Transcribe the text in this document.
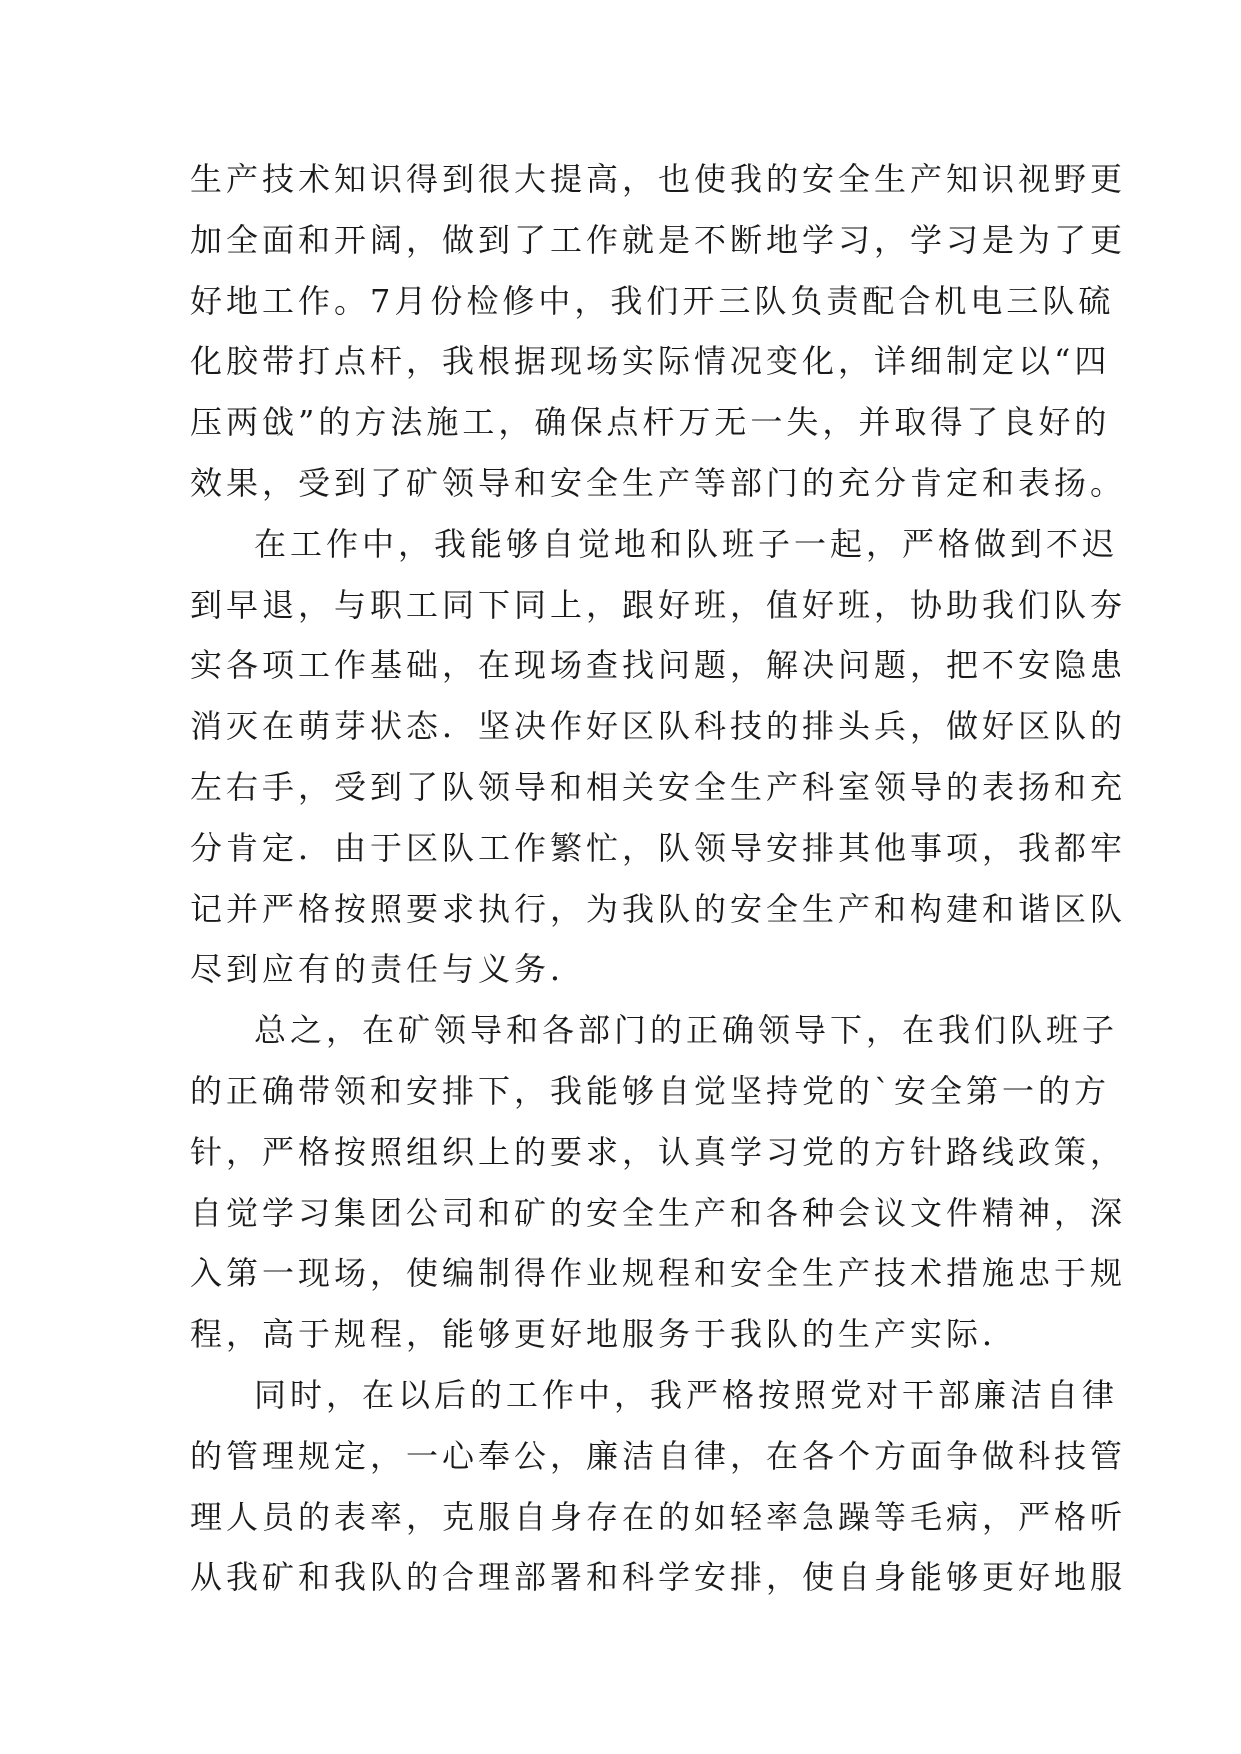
生产技术知识得到很大提高，也使我的安全生产知识视野更
加全面和开阔，做到了工作就是不断地学习，学习是为了更
好地工作。7月份检修中，我们开三队负责配合机电三队硫
化胶带打点杆，我根据现场实际情况变化，详细制定以“四
压两戗”的方法施工，确保点杆万无一失，并取得了良好的
效果，受到了矿领导和安全生产等部门的充分肯定和表扬。
在工作中，我能够自觉地和队班子一起，严格做到不迟
到早退，与职工同下同上，跟好班，值好班，协助我们队夯
实各项工作基础，在现场查找问题，解决问题，把不安隐患
消灭在萌芽状态．坚决作好区队科技的排头兵，做好区队的
左右手，受到了队领导和相关安全生产科室领导的表扬和充
分肯定．由于区队工作繁忙，队领导安排其他事项，我都牢
记并严格按照要求执行，为我队的安全生产和构建和谐区队
尽到应有的责任与义务．
总之，在矿领导和各部门的正确领导下，在我们队班子
的正确带领和安排下，我能够自觉坚持党的`安全第一的方
针，严格按照组织上的要求，认真学习党的方针路线政策，
自觉学习集团公司和矿的安全生产和各种会议文件精神，深
入第一现场，使编制得作业规程和安全生产技术措施忠于规
程，高于规程，能够更好地服务于我队的生产实际．
同时，在以后的工作中，我严格按照党对干部廉洁自律
的管理规定，一心奉公，廉洁自律，在各个方面争做科技管
理人员的表率，克服自身存在的如轻率急躁等毛病，严格听
从我矿和我队的合理部署和科学安排，使自身能够更好地服
